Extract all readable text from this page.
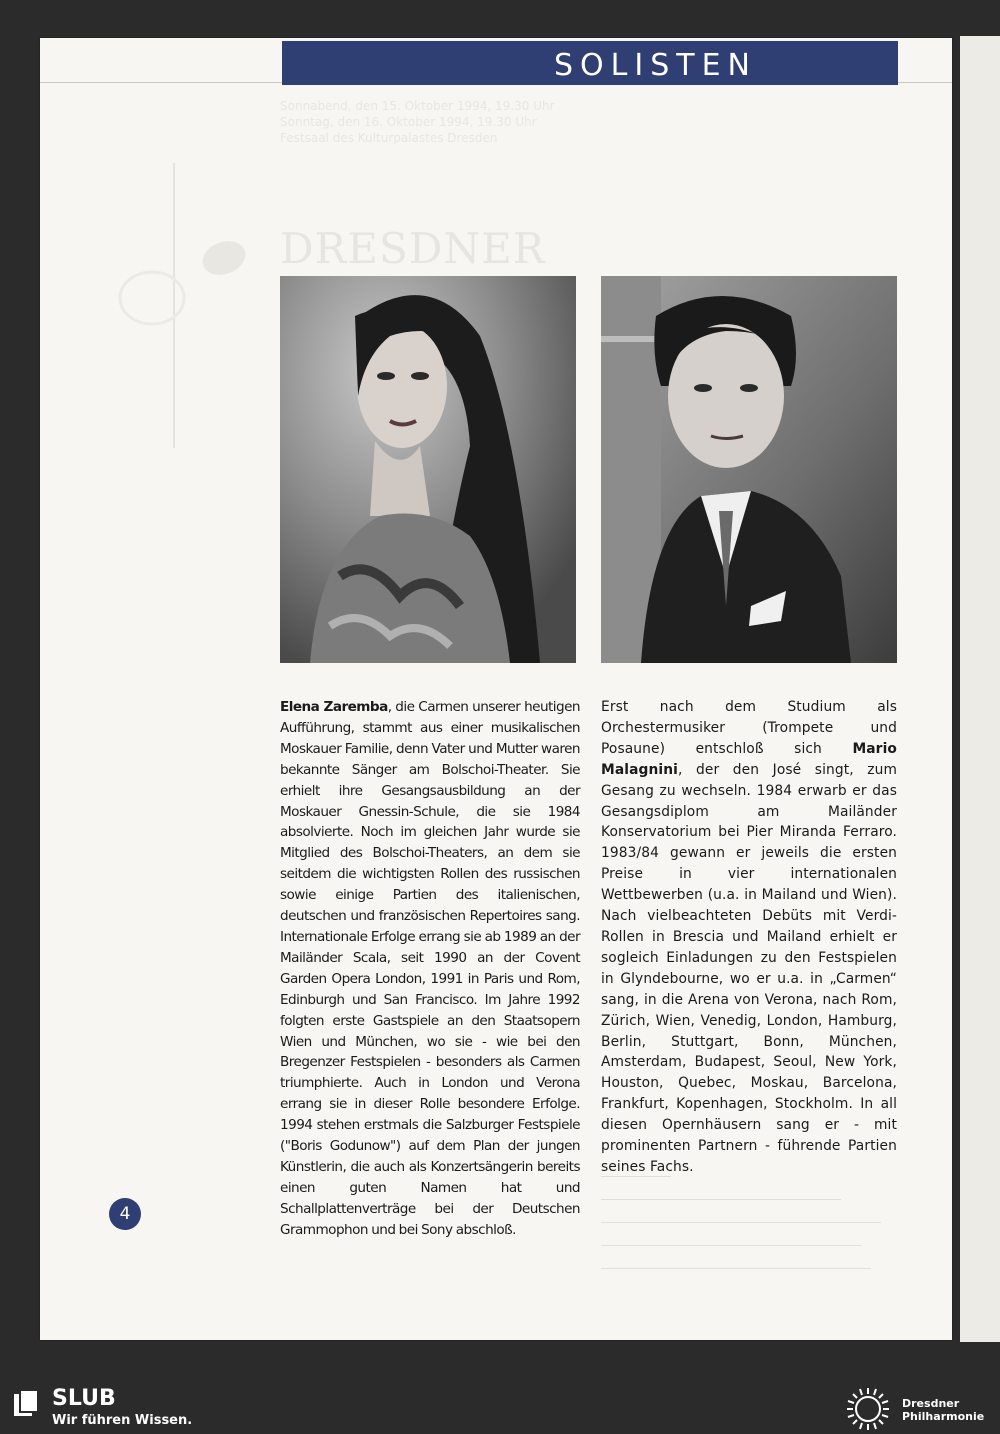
SOLISTEN
Sonnabend, den 15. Oktober 1994, 19.30 Uhr
Sonntag, den 16. Oktober 1994, 19.30 Uhr
Festsaal des Kulturpalastes Dresden
DRESDNER
Elena Zaremba, die Carmen unserer heutigen Aufführung, stammt aus einer musikalischen Moskauer Familie, denn Vater und Mutter waren bekannte Sänger am Bolschoi-Theater. Sie erhielt ihre Gesangsausbildung an der Moskauer Gnessin-Schule, die sie 1984 absolvierte. Noch im gleichen Jahr wurde sie Mitglied des Bolschoi-Theaters, an dem sie seitdem die wichtigsten Rollen des russischen sowie einige Partien des italienischen, deutschen und französischen Repertoires sang. Internationale Erfolge errang sie ab 1989 an der Mailänder Scala, seit 1990 an der Covent Garden Opera London, 1991 in Paris und Rom, Edinburgh und San Francisco. Im Jahre 1992 folgten erste Gastspiele an den Staatsopern Wien und München, wo sie - wie bei den Bregenzer Festspielen - besonders als Carmen triumphierte. Auch in London und Verona errang sie in dieser Rolle besondere Erfolge. 1994 stehen erstmals die Salzburger Festspiele ("Boris Godunow") auf dem Plan der jungen Künstlerin, die auch als Konzertsängerin bereits einen guten Namen hat und Schallplattenverträge bei der Deutschen Grammophon und bei Sony abschloß.
Erst nach dem Studium als Orchestermusiker (Trompete und Posaune) entschloß sich Mario Malagnini, der den José singt, zum Gesang zu wechseln. 1984 erwarb er das Gesangsdiplom am Mailänder Konservatorium bei Pier Miranda Ferraro. 1983/84 gewann er jeweils die ersten Preise in vier internationalen Wettbewerben (u.a. in Mailand und Wien). Nach vielbeachteten Debüts mit Verdi-Rollen in Brescia und Mailand erhielt er sogleich Einladungen zu den Festspielen in Glyndebourne, wo er u.a. in „Carmen“ sang, in die Arena von Verona, nach Rom, Zürich, Wien, Venedig, London, Hamburg, Berlin, Stuttgart, Bonn, München, Amsterdam, Budapest, Seoul, New York, Houston, Quebec, Moskau, Barcelona, Frankfurt, Kopenhagen, Stockholm. In all diesen Opernhäusern sang er - mit prominenten Partnern - führende Partien seines Fachs.
4
SLUB
Wir führen Wissen.
Dresdner
Philharmonie
